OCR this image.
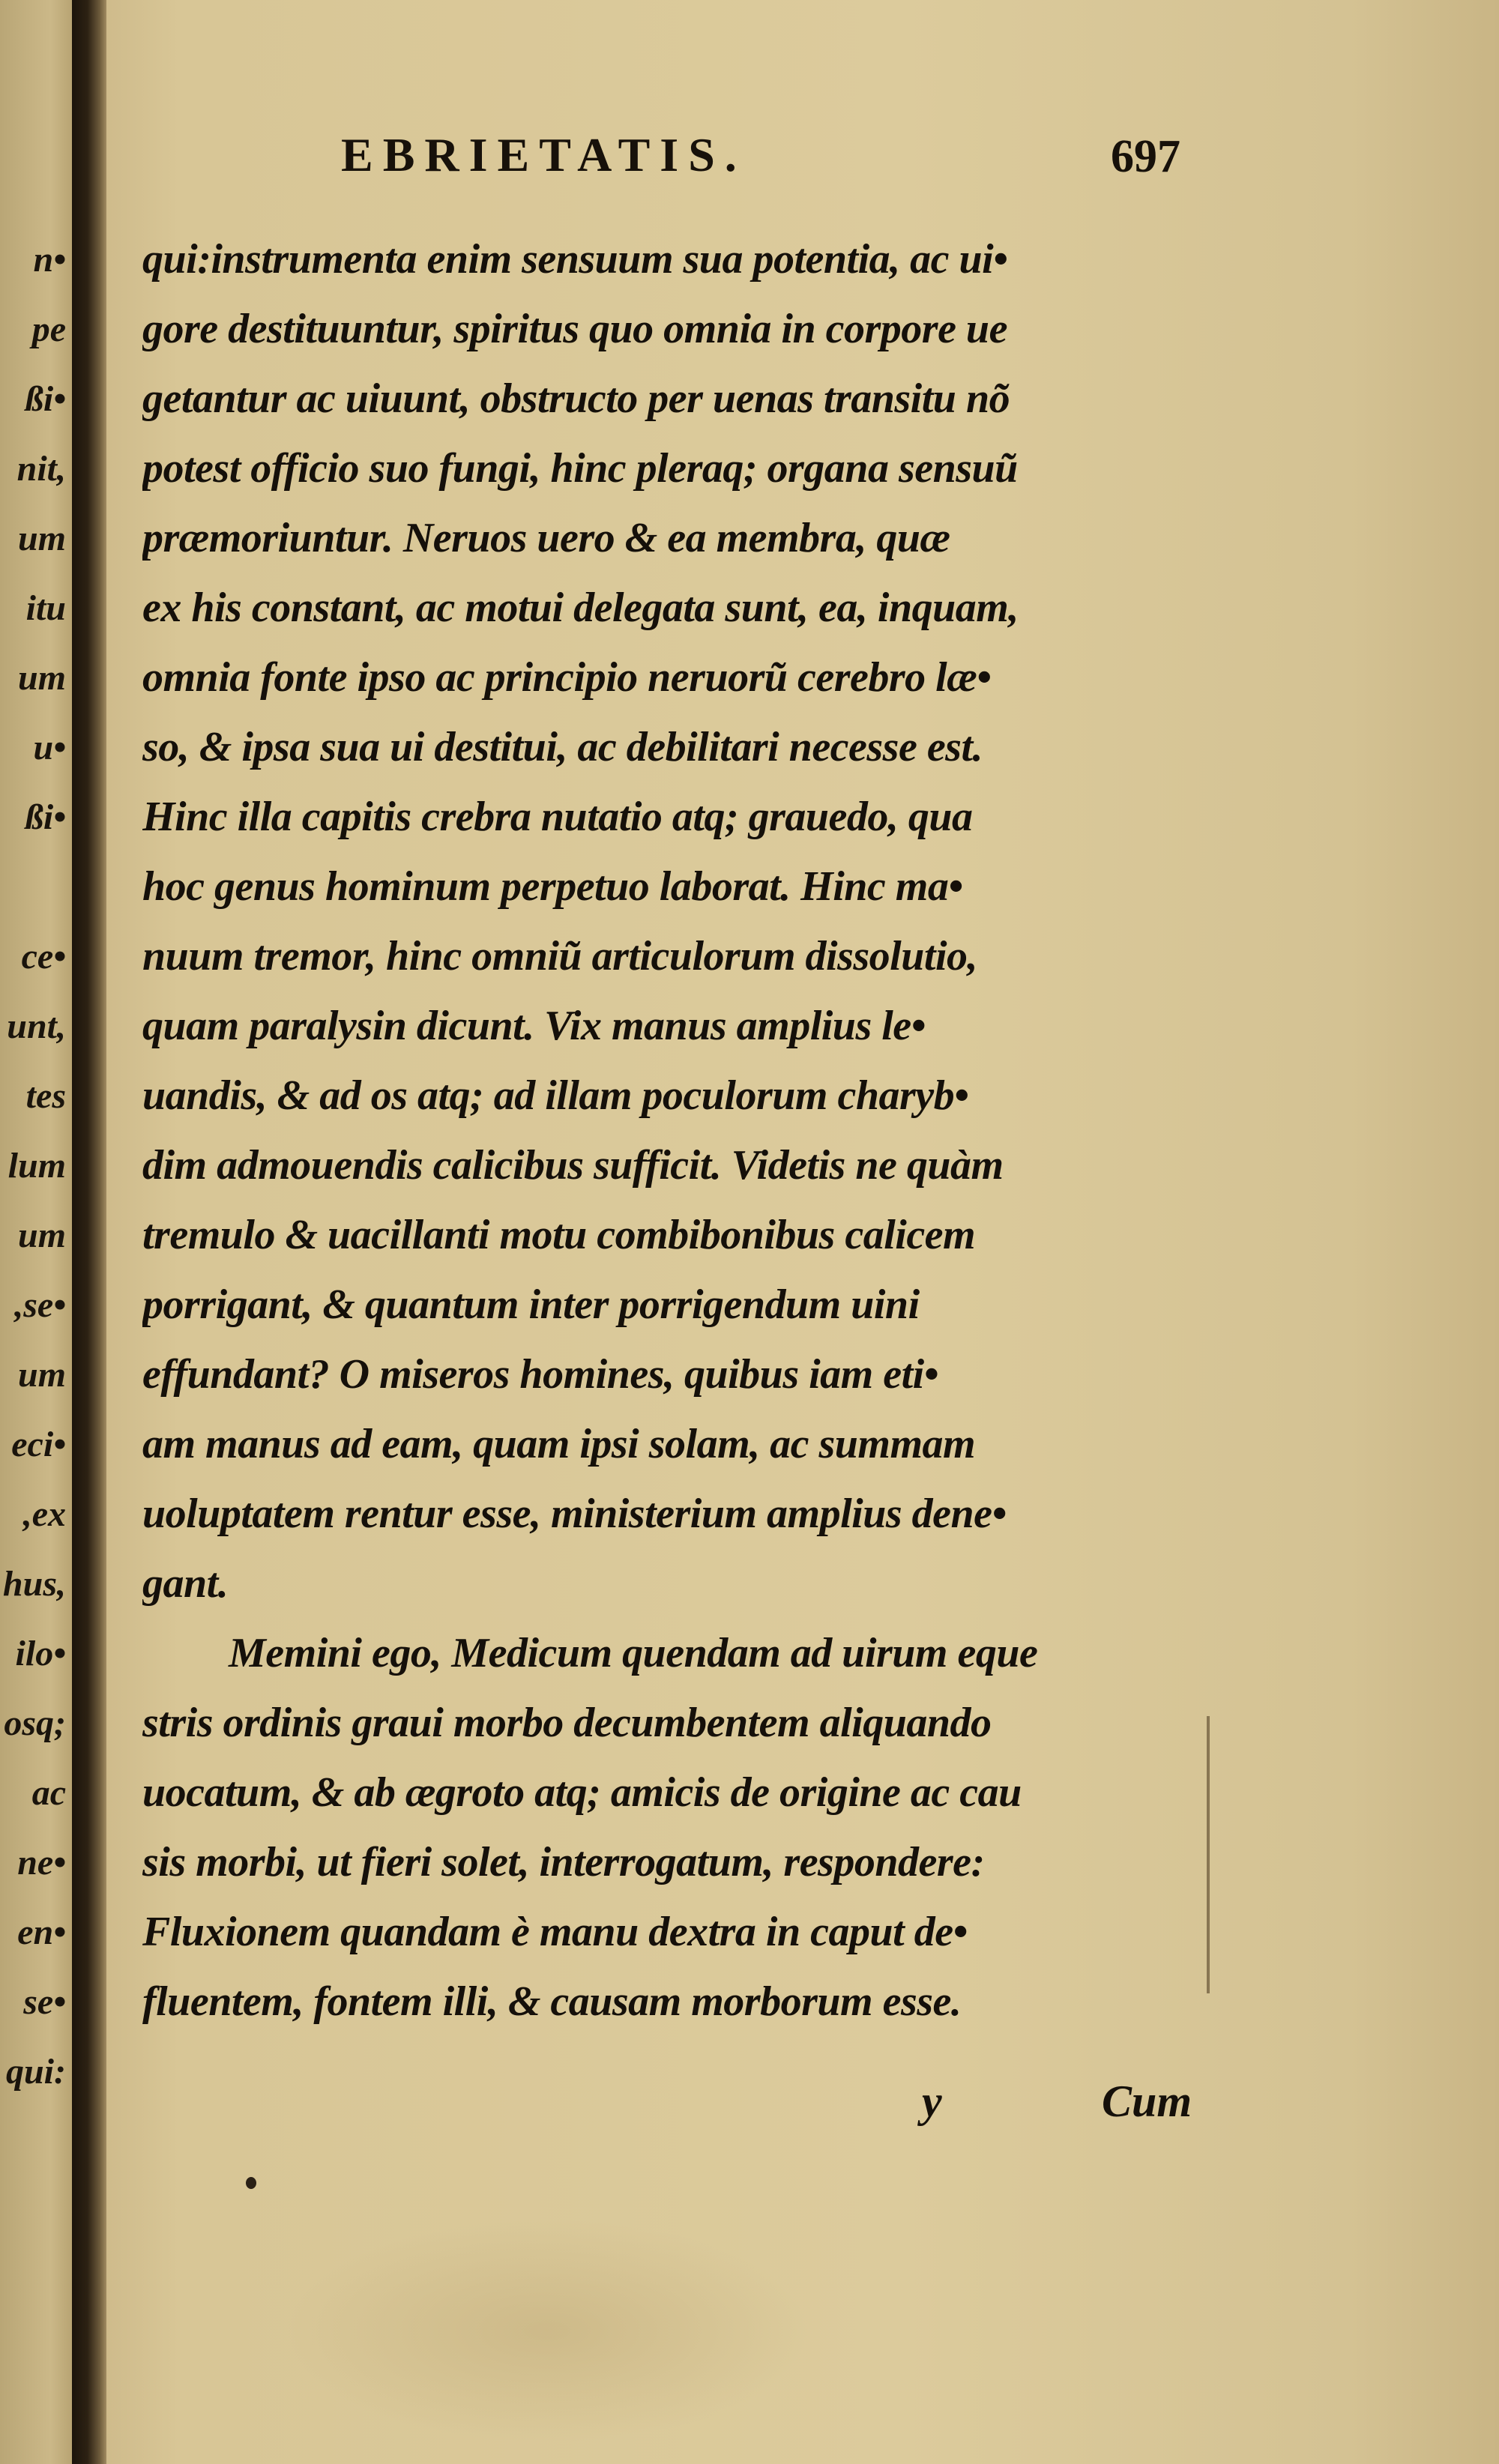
n•
pe
ßi•
nit,
um
itu
um
u•
ßi•
ce•
unt,
tes
lum
um
,se•
um
eci•
,ex
hus,
ilo•
osq;
ac
ne•
en•
se•
qui:
EBRIETATIS.	697
qui:instrumenta enim sensuum sua potentia, ac ui•
gore destituuntur, spiritus quo omnia in corpore ue
getantur ac uiuunt, obstructo per uenas transitu nõ
potest officio suo fungi, hinc pleraq; organa sensuũ
præmoriuntur. Neruos uero & ea membra, quæ
ex his constant, ac motui delegata sunt, ea, inquam,
omnia fonte ipso ac principio neruorũ cerebro læ•
so, & ipsa sua ui destitui, ac debilitari necesse est.
Hinc illa capitis crebra nutatio atq; grauedo, qua
hoc genus hominum perpetuo laborat. Hinc ma•
nuum tremor, hinc omniũ articulorum dissolutio,
quam paralysin dicunt. Vix manus amplius le•
uandis, & ad os atq; ad illam poculorum charyb•
dim admouendis calicibus sufficit. Videtis ne quàm
tremulo & uacillanti motu combibonibus calicem
porrigant, & quantum inter porrigendum uini
effundant? O miseros homines, quibus iam eti•
am manus ad eam, quam ipsi solam, ac summam
uoluptatem rentur esse, ministerium amplius dene•
gant.
Memini ego, Medicum quendam ad uirum eque
stris ordinis graui morbo decumbentem aliquando
uocatum, & ab ægroto atq; amicis de origine ac cau
sis morbi, ut fieri solet, interrogatum, respondere:
Fluxionem quandam è manu dextra in caput de•
fluentem, fontem illi, & causam morborum esse.
y	Cum
